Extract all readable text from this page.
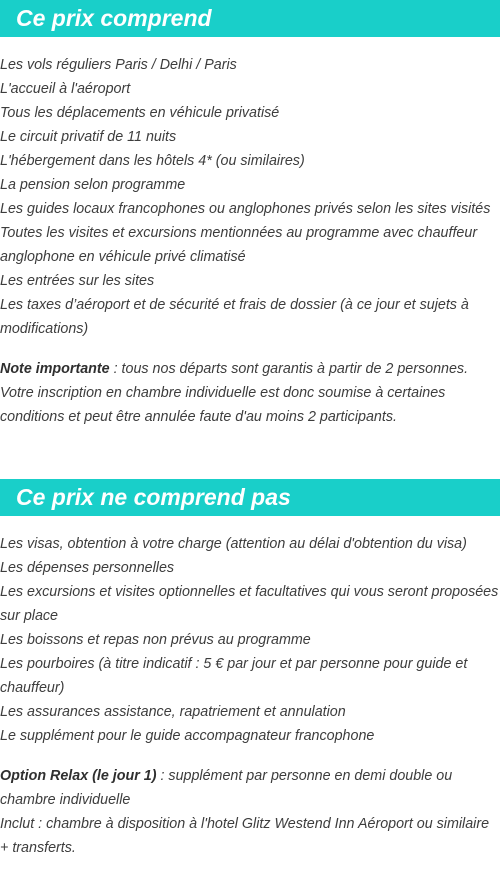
Ce prix comprend
Les vols réguliers Paris / Delhi / Paris
L'accueil à l'aéroport
Tous les déplacements en véhicule privatisé
Le circuit privatif de 11 nuits
L'hébergement dans les hôtels 4* (ou similaires)
La pension selon programme
Les guides locaux francophones ou anglophones privés selon les sites visités
Toutes les visites et excursions mentionnées au programme avec chauffeur anglophone en véhicule privé climatisé
Les entrées sur les sites
Les taxes d’aéroport et de sécurité et frais de dossier (à ce jour et sujets à modifications)
Note importante : tous nos départs sont garantis à partir de 2 personnes. Votre inscription en chambre individuelle est donc soumise à certaines conditions et peut être annulée faute d'au moins 2 participants.
Ce prix ne comprend pas
Les visas, obtention à votre charge (attention au délai d'obtention du visa)
Les dépenses personnelles
Les excursions et visites optionnelles et facultatives qui vous seront proposées sur place
Les boissons et repas non prévus au programme
Les pourboires (à titre indicatif : 5 € par jour et par personne pour guide et chauffeur)
Les assurances assistance, rapatriement et annulation
Le supplément pour le guide accompagnateur francophone
Option Relax (le jour 1) : supplément par personne en demi double ou chambre individuelle
Inclut : chambre à disposition à l'hotel Glitz Westend Inn Aéroport ou similaire + transferts.
